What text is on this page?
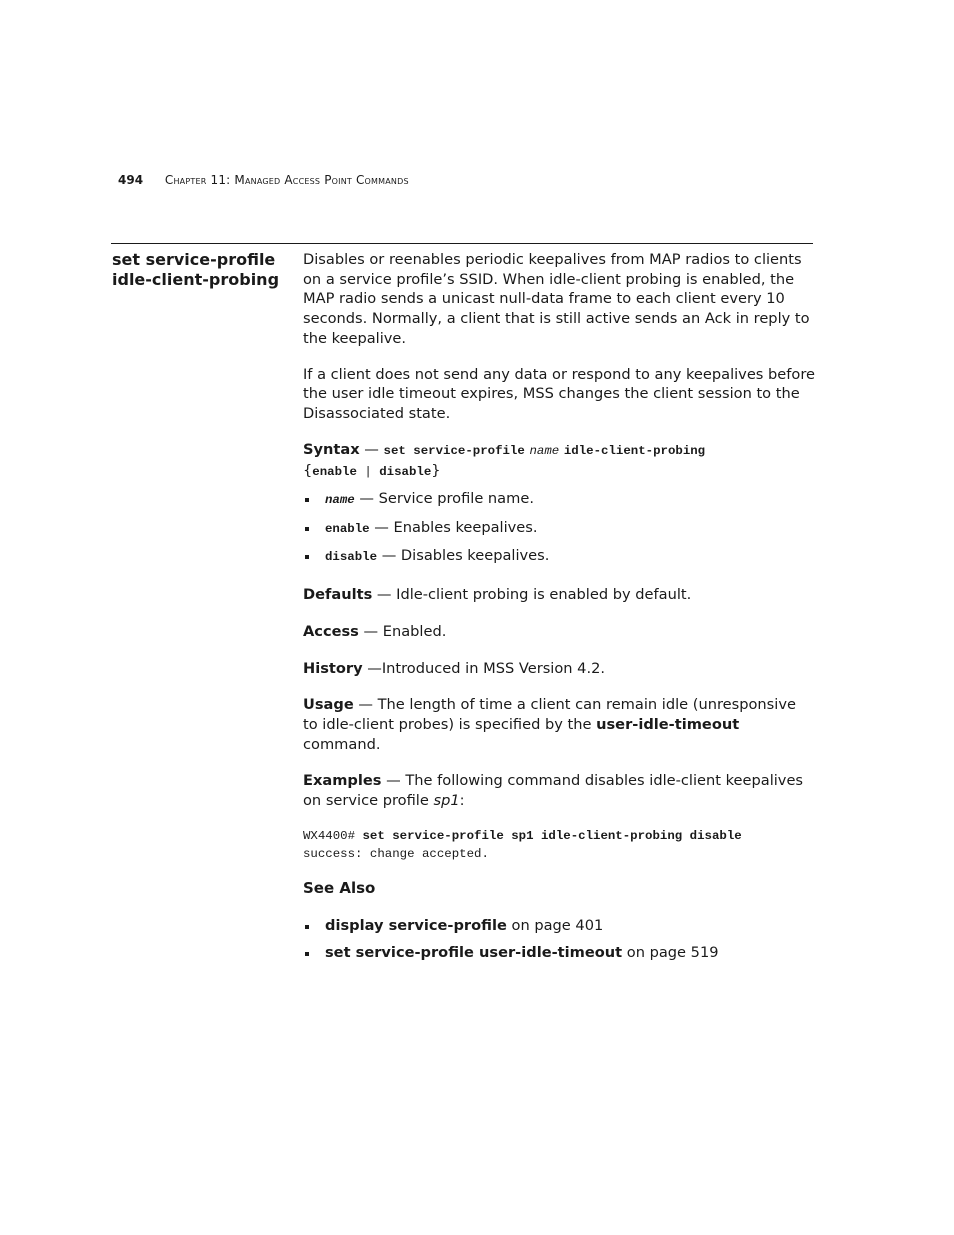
494 Chapter 11: Managed Access Point Commands
set service-profile
idle-client-probing

Disables or reenables periodic keepalives from MAP radios to clients on a service profile’s SSID. When idle-client probing is enabled, the MAP radio sends a unicast null-data frame to each client every 10 seconds. Normally, a client that is still active sends an Ack in reply to the keepalive.

If a client does not send any data or respond to any keepalives before the user idle timeout expires, MSS changes the client session to the Disassociated state.

Syntax — set service-profile name idle-client-probing
{enable | disable}

name — Service profile name.
enable — Enables keepalives.
disable — Disables keepalives.

Defaults — Idle-client probing is enabled by default.

Access — Enabled.

History —Introduced in MSS Version 4.2.

Usage — The length of time a client can remain idle (unresponsive to idle-client probes) is specified by the user-idle-timeout command.

Examples — The following command disables idle-client keepalives on service profile sp1:

WX4400# set service-profile sp1 idle-client-probing disable
success: change accepted.

See Also

display service-profile on page 401
set service-profile user-idle-timeout on page 519
